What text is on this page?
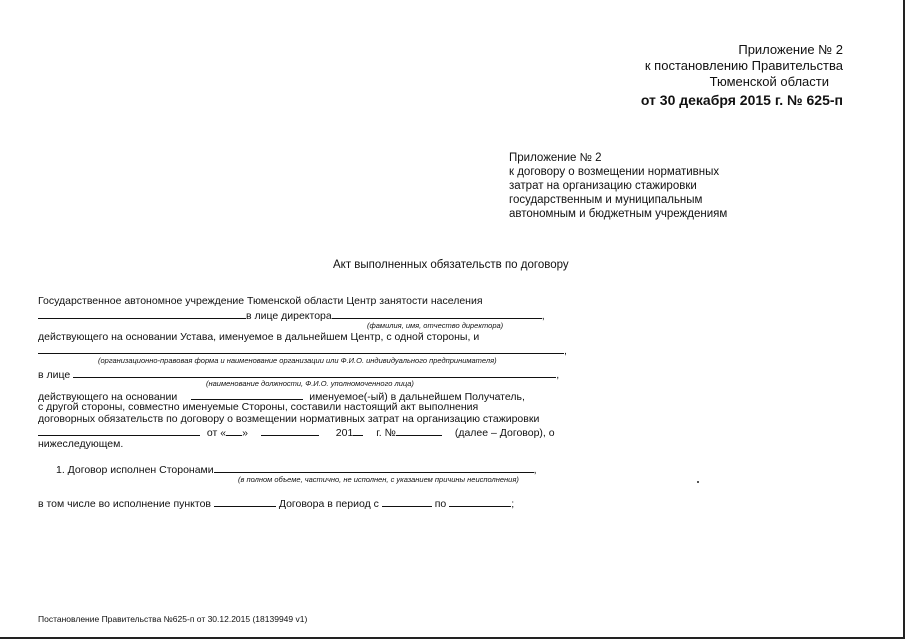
Приложение № 2
к постановлению Правительства
Тюменской области
от 30 декабря 2015 г. № 625-п
Приложение № 2
к договору о возмещении нормативных
затрат на организацию стажировки
государственным и муниципальным
автономным и бюджетным учреждениям
Акт выполненных обязательств по договору
Государственное автономное учреждение Тюменской области Центр занятости населения
в лице директора	,
(фамилия, имя, отчество директора)
действующего на основании Устава, именуемое в дальнейшем Центр, с одной стороны, и
,
(организационно-правовая форма и наименование организации или Ф.И.О. индивидуального предпринимателя)
в лице	,
(наименование должности, Ф.И.О. уполномоченного лица)
действующего на основании	именуемое(-ый) в дальнейшем Получатель,
с другой стороны, совместно именуемые Стороны, составили настоящий акт выполнения
договорных обязательств по договору о возмещении нормативных затрат на организацию стажировки
от « »	201 г. №	(далее – Договор), о
нижеследующем.
1. Договор исполнен Сторонами	,
(в полном объеме, частично, не исполнен, с указанием причины неисполнения)
в том числе во исполнение пунктов	Договора в период с	по	;
Постановление Правительства №625-п от 30.12.2015 (18139949 v1)
